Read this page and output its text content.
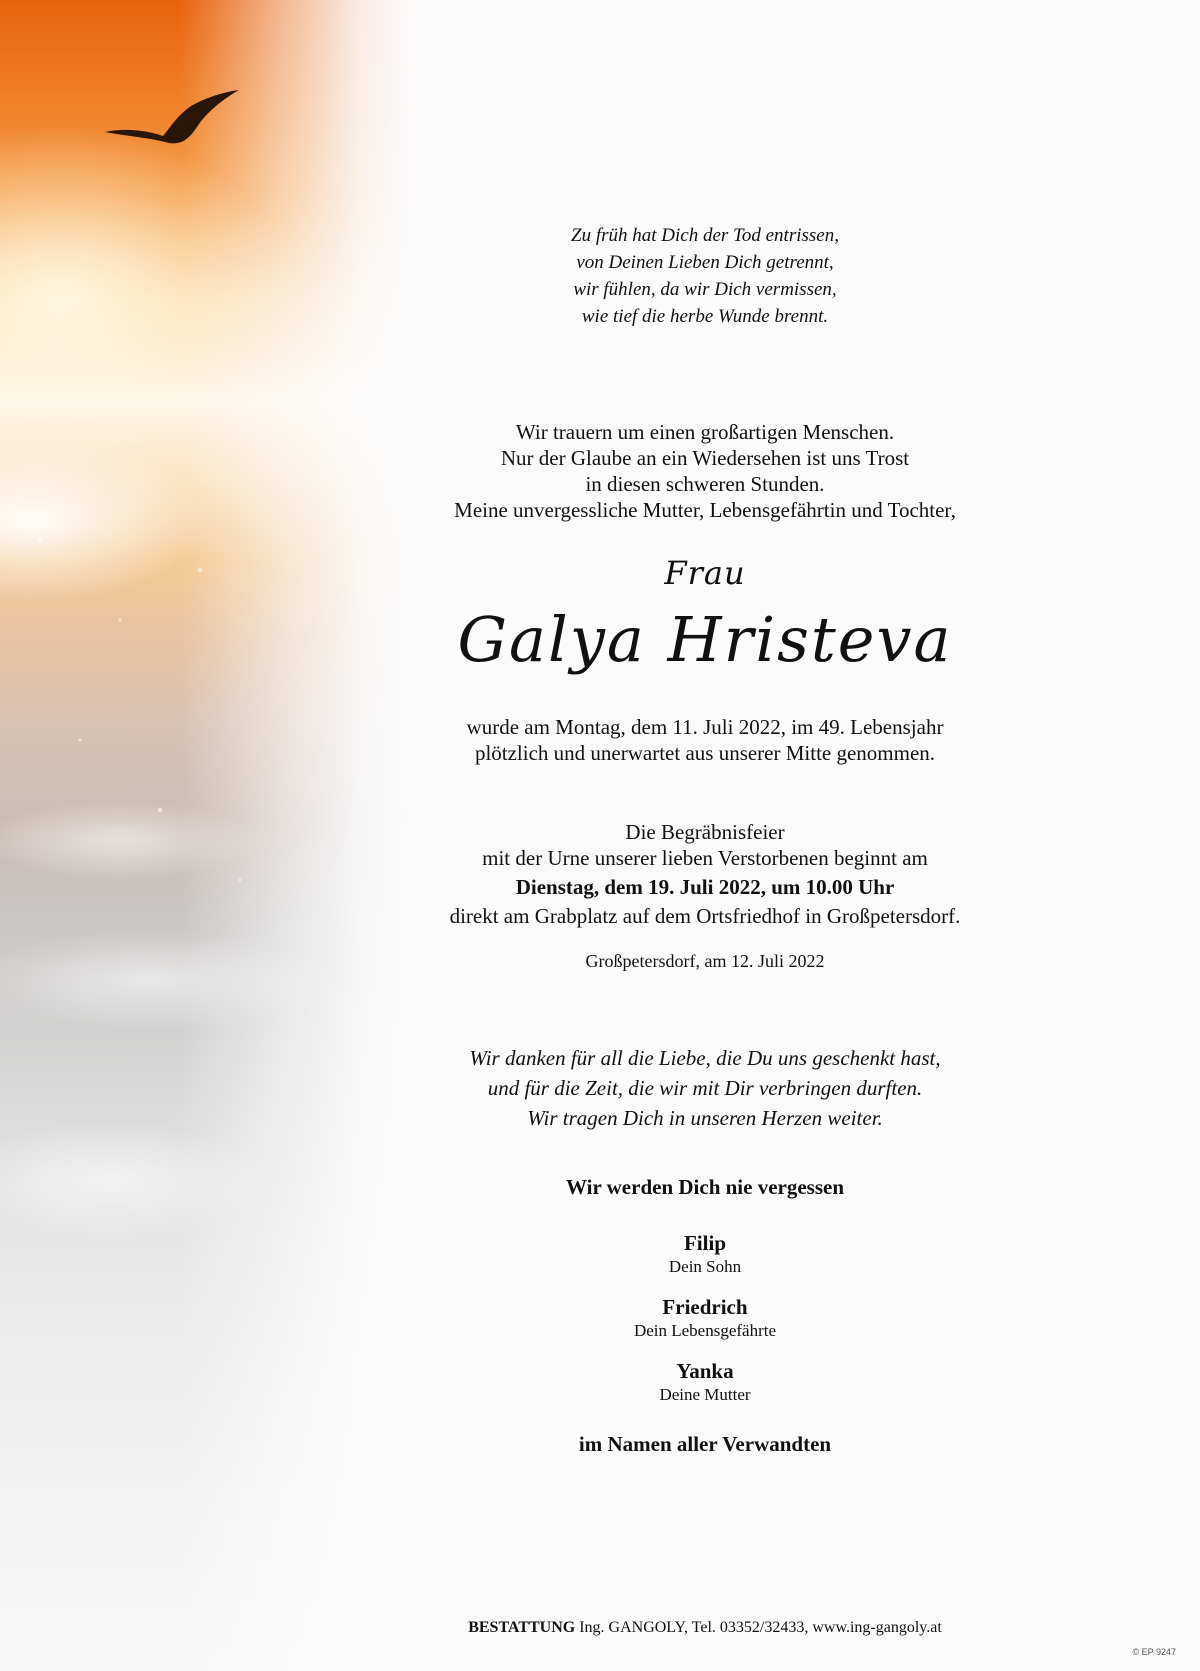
Zu früh hat Dich der Tod entrissen,
von Deinen Lieben Dich getrennt,
wir fühlen, da wir Dich vermissen,
wie tief die herbe Wunde brennt.
Wir trauern um einen großartigen Menschen.
Nur der Glaube an ein Wiedersehen ist uns Trost
in diesen schweren Stunden.
Meine unvergessliche Mutter, Lebensgefährtin und Tochter,
Frau
Galya Hristeva
wurde am Montag, dem 11. Juli 2022, im 49. Lebensjahr
plötzlich und unerwartet aus unserer Mitte genommen.
Die Begräbnisfeier
mit der Urne unserer lieben Verstorbenen beginnt am
Dienstag, dem 19. Juli 2022, um 10.00 Uhr
direkt am Grabplatz auf dem Ortsfriedhof in Großpetersdorf.
Großpetersdorf, am 12. Juli 2022
Wir danken für all die Liebe, die Du uns geschenkt hast,
und für die Zeit, die wir mit Dir verbringen durften.
Wir tragen Dich in unseren Herzen weiter.
Wir werden Dich nie vergessen
Filip
Dein Sohn
Friedrich
Dein Lebensgefährte
Yanka
Deine Mutter
im Namen aller Verwandten
BESTATTUNG Ing. GANGOLY, Tel. 03352/32433, www.ing-gangoly.at
© EP 9247
